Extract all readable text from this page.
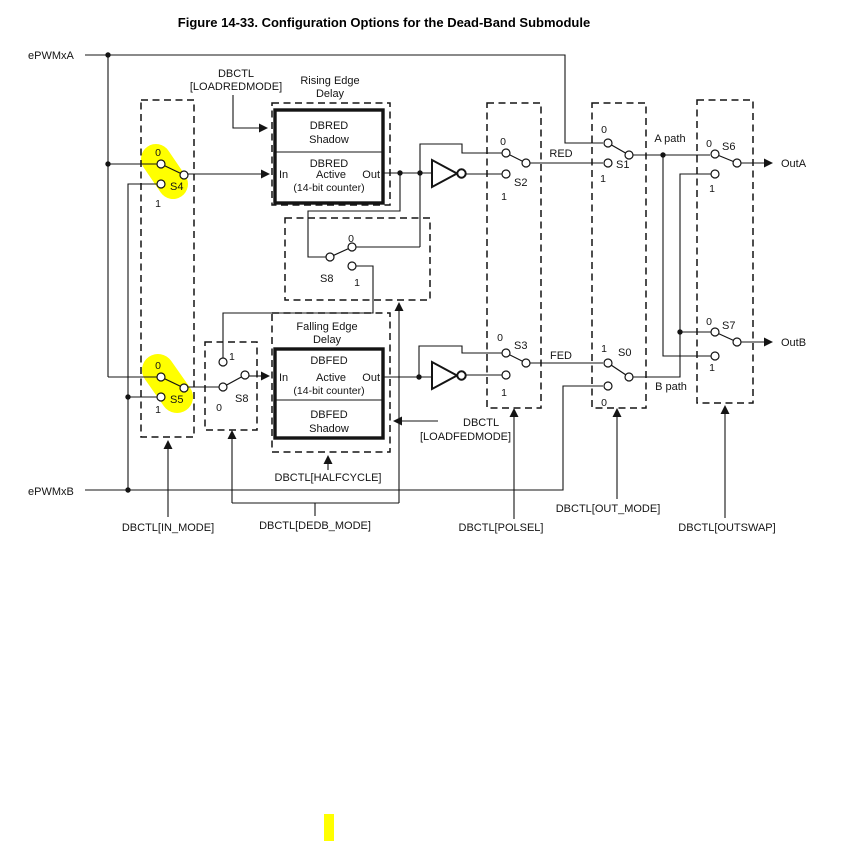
Figure 14-33. Configuration Options for the Dead-Band Submodule
ePWMxA
ePWMxB
DBCTL
[LOADREDMODE] Rising Edge
Delay
DBRED
Shadow
DBRED
In	Active Out
(14-bit counter)
Falling Edge
Delay
DBFED
In	Active Out
(14-bit counter)
DBFED
Shadow	DBCTL
[LOADFEDMODE]
DBCTL[HALFCYCLE]
DBCTL[IN_MODE]	DBCTL[DEDB_MODE]	DBCTL[POLSEL]
DBCTL[OUT_MODE]
DBCTL[OUTSWAP]
RED
FED
A path
B path
OutA
OutB
0
S4
1
0
S5
1
1
S8
0
0
S8 1
0
S2
1
0
S3
1
0
S1
1
1 S0
0
0 S6
1
0 S7
1
